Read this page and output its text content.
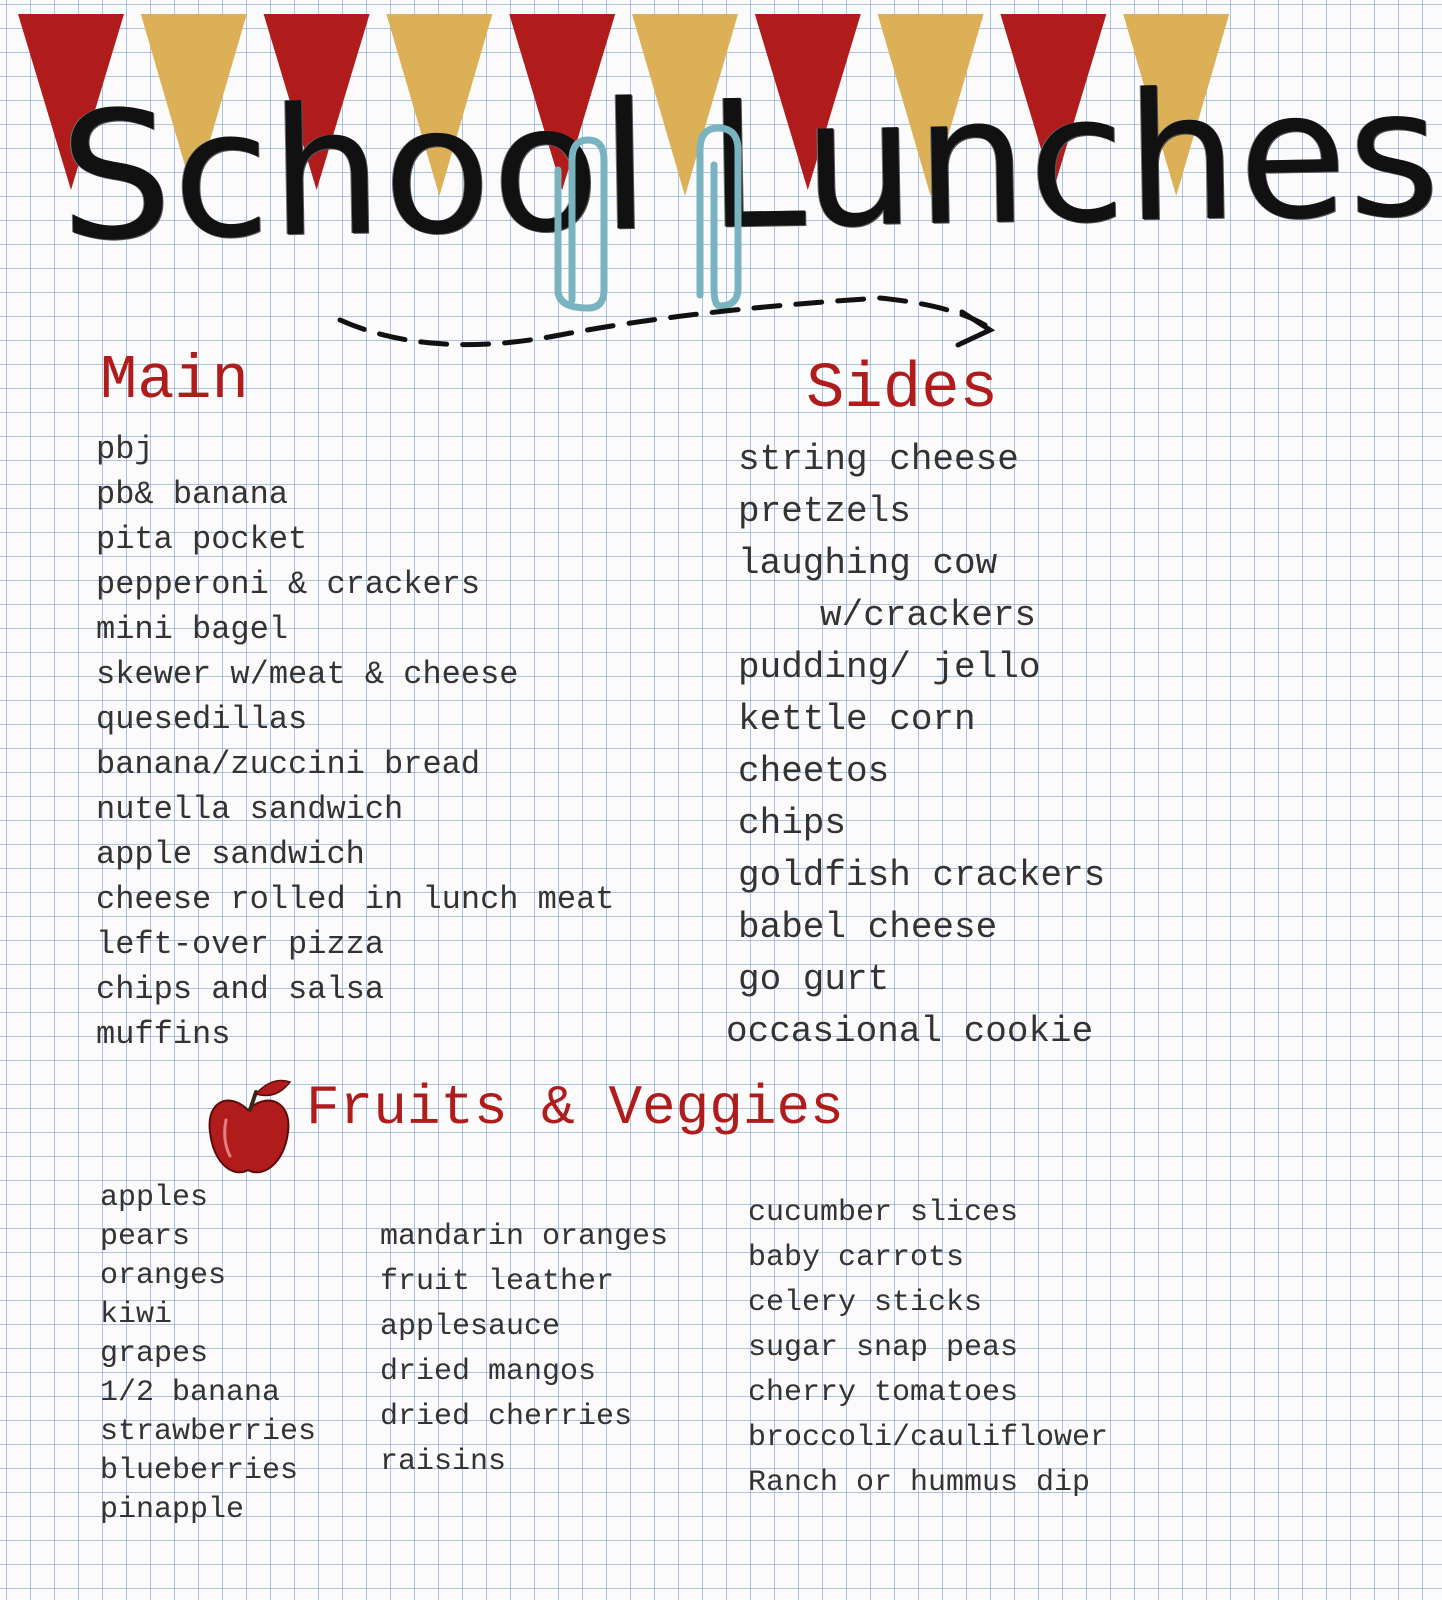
School Lunches
Main
pbj
pb& banana
pita pocket
pepperoni & crackers
mini bagel
skewer w/meat & cheese
quesedillas
banana/zuccini bread
nutella sandwich
apple sandwich
cheese rolled in lunch meat
left-over pizza
chips and salsa
muffins
Sides
string cheese
pretzels
laughing cow
w/crackers
pudding/ jello
kettle corn
cheetos
chips
goldfish crackers
babel cheese
go gurt
occasional cookie
Fruits & Veggies
apples
pears
oranges
kiwi
grapes
1/2 banana
strawberries
blueberries
pinapple
mandarin oranges
fruit leather
applesauce
dried mangos
dried cherries
raisins
cucumber slices
baby carrots
celery sticks
sugar snap peas
cherry tomatoes
broccoli/cauliflower
Ranch or hummus dip
